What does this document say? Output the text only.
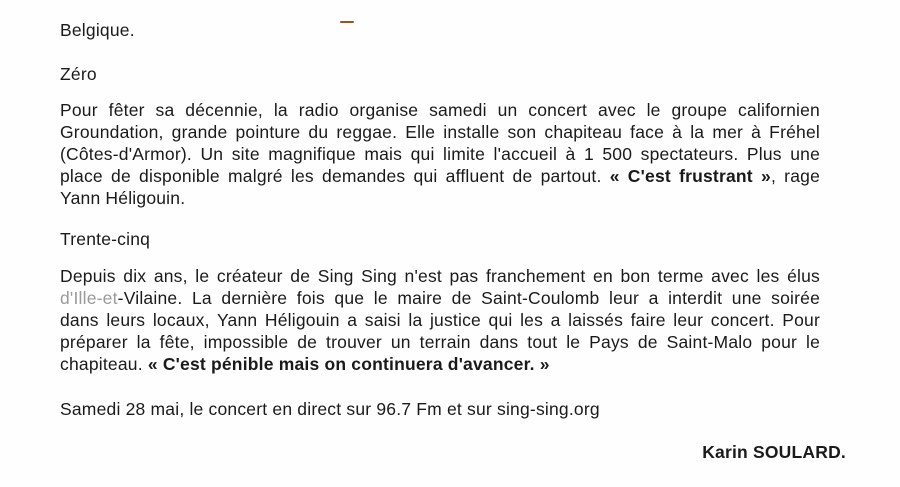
Belgique.

Zéro

Pour fêter sa décennie, la radio organise samedi un concert avec le groupe californien
Groundation, grande pointure du reggae. Elle installe son chapiteau face à la mer à Fréhel
(Côtes-d'Armor). Un site magnifique mais qui limite l'accueil à 1 500 spectateurs. Plus une
place de disponible malgré les demandes qui affluent de partout. « C'est frustrant », rage
Yann Héligouin.

Trente-cinq

Depuis dix ans, le créateur de Sing Sing n'est pas franchement en bon terme avec les élus
d'Ille-et-Vilaine. La dernière fois que le maire de Saint-Coulomb leur a interdit une soirée
dans leurs locaux, Yann Héligouin a saisi la justice qui les a laissés faire leur concert. Pour
préparer la fête, impossible de trouver un terrain dans tout le Pays de Saint-Malo pour le
chapiteau. « C'est pénible mais on continuera d'avancer. »

Samedi 28 mai, le concert en direct sur 96.7 Fm et sur sing-sing.org

Karin SOULARD.
